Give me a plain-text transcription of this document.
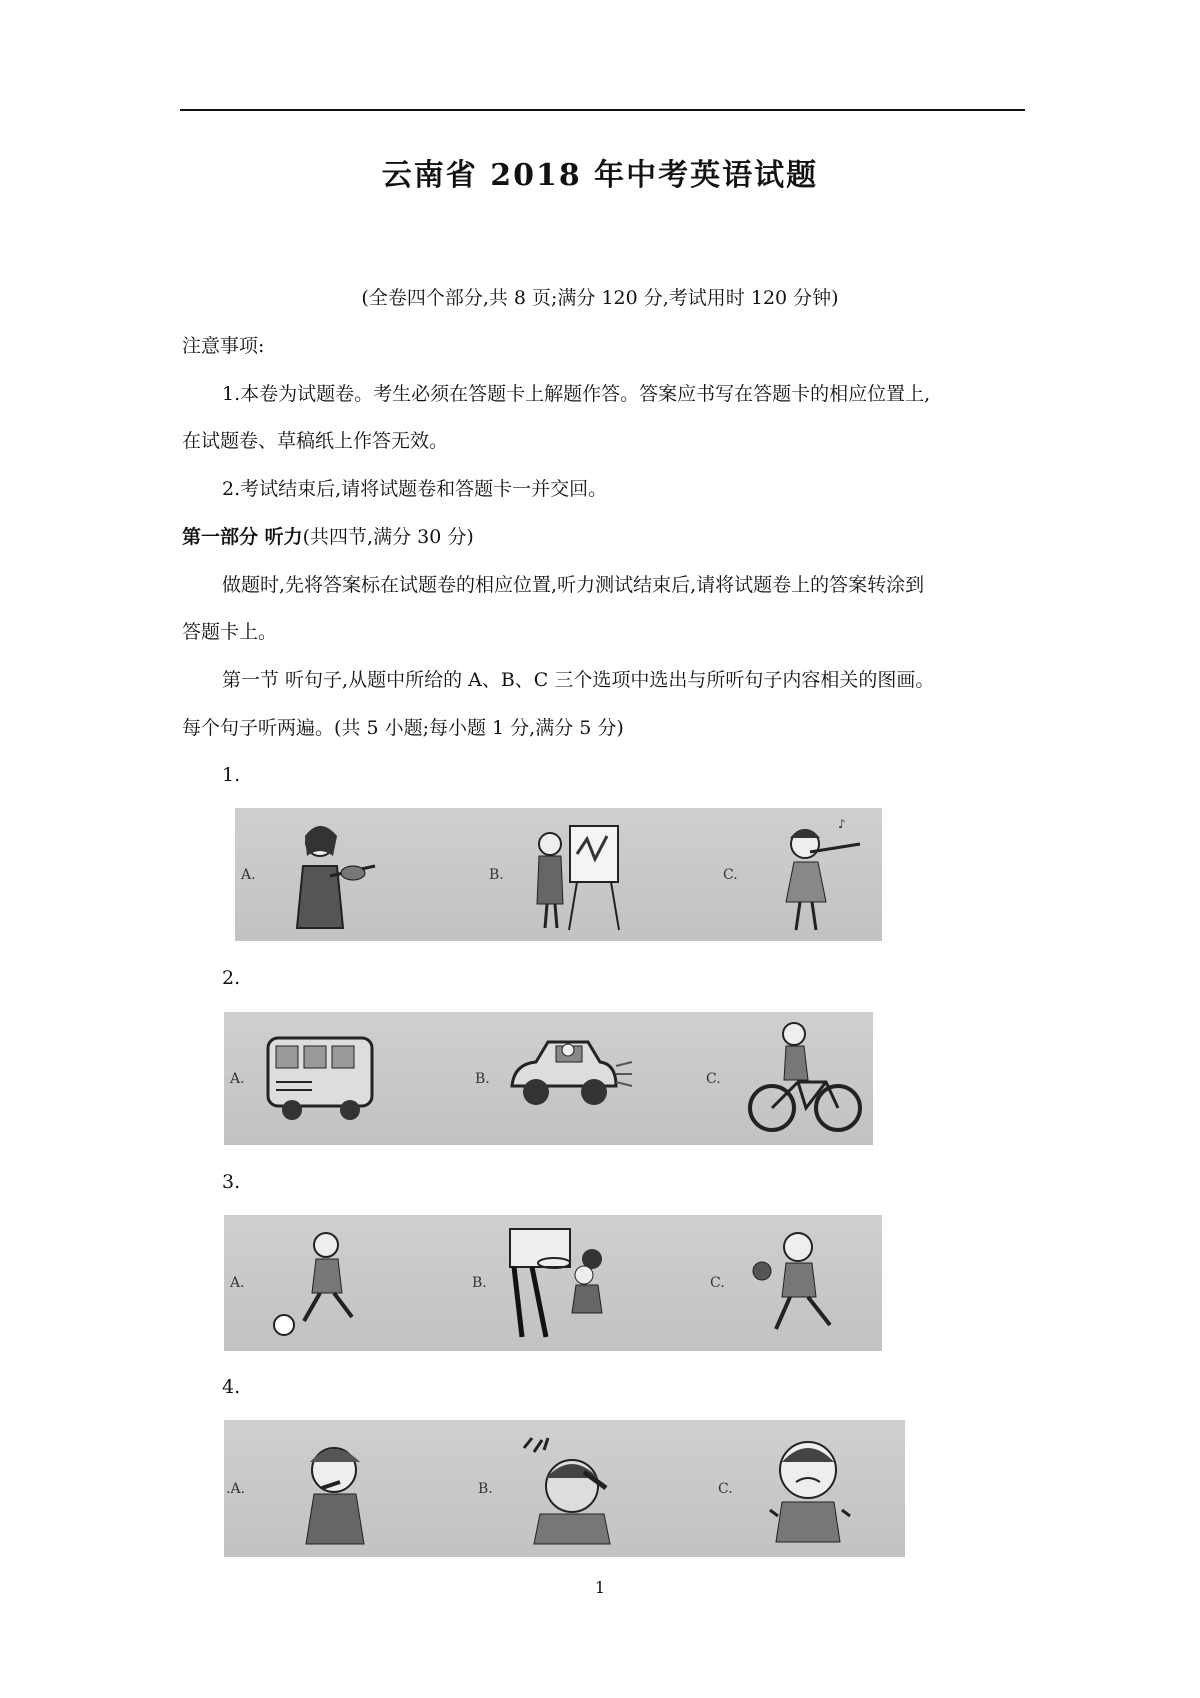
云南省 2018 年中考英语试题
(全卷四个部分,共 8 页;满分 120 分,考试用时 120 分钟)
注意事项:
1.本卷为试题卷。考生必须在答题卡上解题作答。答案应书写在答题卡的相应位置上,
在试题卷、草稿纸上作答无效。
2.考试结束后,请将试题卷和答题卡一并交回。
第一部分 听力(共四节,满分 30 分)
做题时,先将答案标在试题卷的相应位置,听力测试结束后,请将试题卷上的答案转涂到
答题卡上。
第一节 听句子,从题中所给的 A、B、C 三个选项中选出与所听句子内容相关的图画。
每个句子听两遍。(共 5 小题;每小题 1 分,满分 5 分)
1.
A.	B.	C.
♪
2.
A.	B.	C.
3.
A.	B.	C.
4.
.A.	B.	C.
1
